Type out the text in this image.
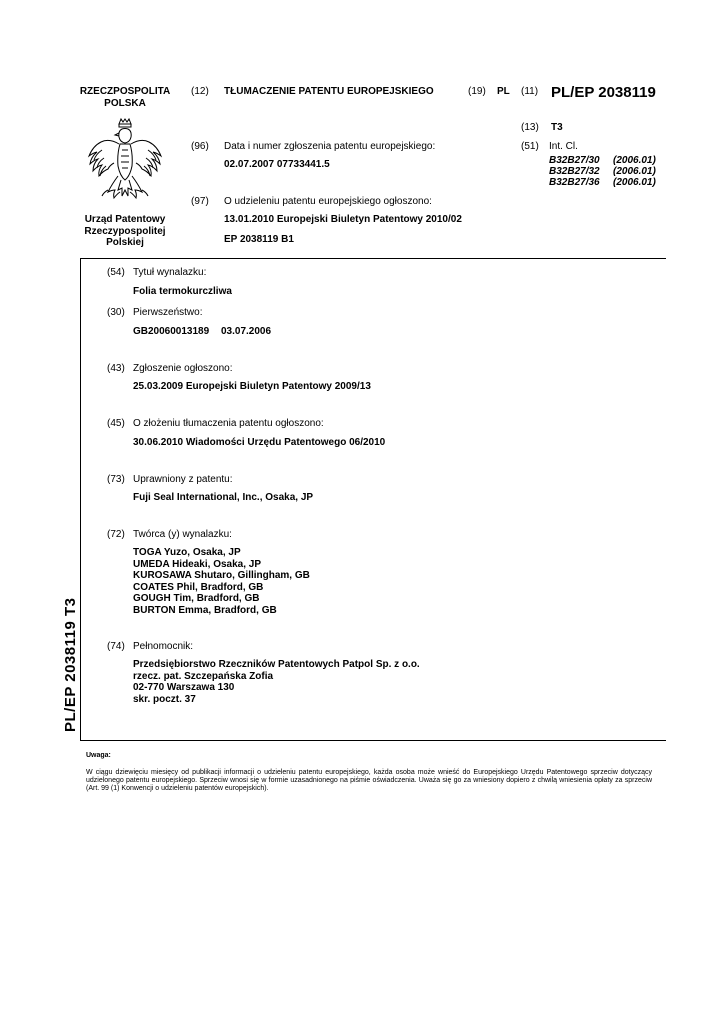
RZECZPOSPOLITA
POLSKA
(12) TŁUMACZENIE PATENTU EUROPEJSKIEGO	(19) PL (11) PL/EP 2038119
Urząd Patentowy
Rzeczypospolitej
Polskiej
(96) Data i numer zgłoszenia patentu europejskiego:
02.07.2007 07733441.5
(97) O udzieleniu patentu europejskiego ogłoszono:
13.01.2010 Europejski Biuletyn Patentowy 2010/02
EP 2038119 B1
(13) T3
(51) Int. Cl.
B32B27/30	(2006.01)
B32B27/32	(2006.01)
B32B27/36	(2006.01)
(54) Tytuł wynalazku:
Folia termokurczliwa
(30) Pierwszeństwo:
GB20060013189 03.07.2006
(43) Zgłoszenie ogłoszono:
25.03.2009 Europejski Biuletyn Patentowy 2009/13
(45) O złożeniu tłumaczenia patentu ogłoszono:
30.06.2010 Wiadomości Urzędu Patentowego 06/2010
(73) Uprawniony z patentu:
Fuji Seal International, Inc., Osaka, JP
(72) Twórca (y) wynalazku:
TOGA Yuzo, Osaka, JP
UMEDA Hideaki, Osaka, JP
KUROSAWA Shutaro, Gillingham, GB
COATES Phil, Bradford, GB
GOUGH Tim, Bradford, GB
BURTON Emma, Bradford, GB
(74) Pełnomocnik:
Przedsiębiorstwo Rzeczników Patentowych Patpol Sp. z o.o.
rzecz. pat. Szczepańska Zofia
02-770 Warszawa 130
skr. poczt. 37
PL/EP 2038119 T3
Uwaga:
W ciągu dziewięciu miesięcy od publikacji informacji o udzieleniu patentu europejskiego, każda osoba może wnieść do Europejskiego Urzędu Patentowego sprzeciw dotyczący udzielonego patentu europejskiego. Sprzeciw wnosi się w formie uzasadnionego na piśmie oświadczenia. Uważa się go za wniesiony dopiero z chwilą wniesienia opłaty za sprzeciw (Art. 99 (1) Konwencji o udzieleniu patentów europejskich).
